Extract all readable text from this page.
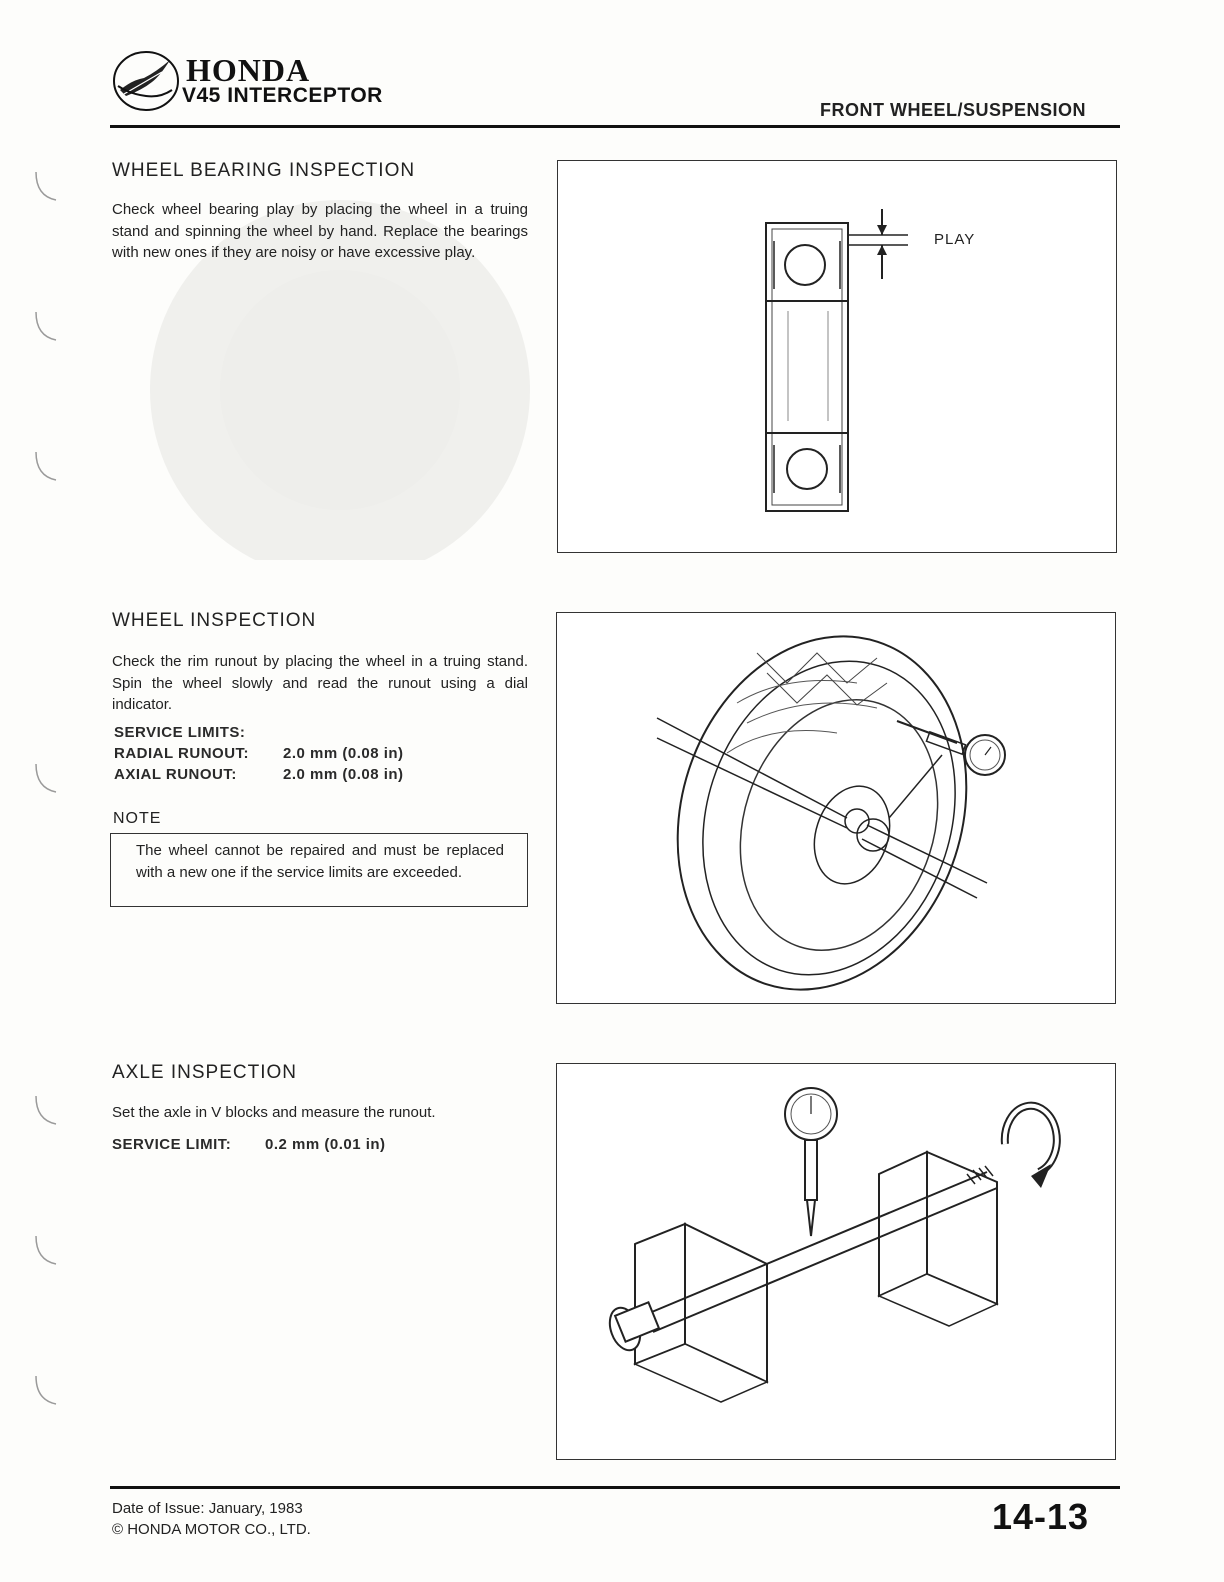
HONDA
V45 INTERCEPTOR
FRONT WHEEL/SUSPENSION
WHEEL BEARING INSPECTION
Check wheel bearing play by placing the wheel in a truing stand and spinning the wheel by hand. Replace the bearings with new ones if they are noisy or have excessive play.
PLAY
WHEEL INSPECTION
Check the rim runout by placing the wheel in a truing stand. Spin the wheel slowly and read the runout using a dial indicator.
SERVICE LIMITS:
RADIAL RUNOUT: 2.0 mm (0.08 in)
AXIAL RUNOUT:	2.0 mm (0.08 in)
NOTE
The wheel cannot be repaired and must be replaced with a new one if the service limits are exceeded.
AXLE INSPECTION
Set the axle in V blocks and measure the runout.
SERVICE LIMIT: 0.2 mm (0.01 in)
Date of Issue: January, 1983
© HONDA MOTOR CO., LTD.	14-13
